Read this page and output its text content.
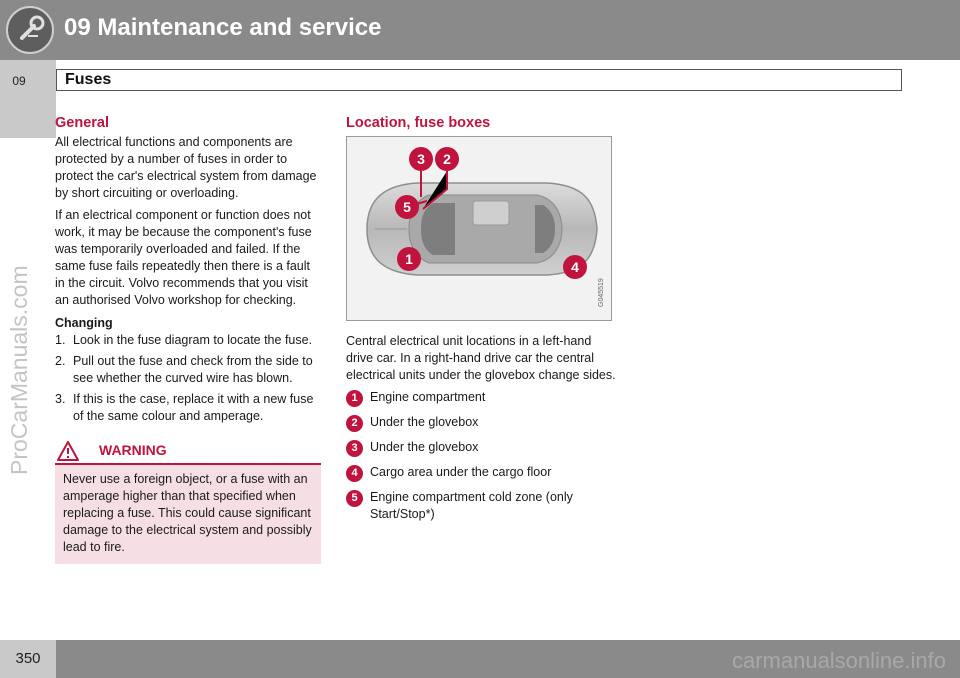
09 Maintenance and service
09	Fuses
ProCarManuals.com
General

All electrical functions and components are protected by a number of fuses in order to protect the car's electrical system from damage by short circuiting or overloading.

If an electrical component or function does not work, it may be because the component's fuse was temporarily overloaded and failed. If the same fuse fails repeatedly then there is a fault in the circuit. Volvo recommends that you visit an authorised Volvo workshop for checking.

Changing
1. Look in the fuse diagram to locate the fuse.
2. Pull out the fuse and check from the side to see whether the curved wire has blown.
3. If this is the case, replace it with a new fuse of the same colour and amperage.
WARNING
Never use a foreign object, or a fuse with an amperage higher than that specified when replacing a fuse. This could cause significant damage to the electrical system and possibly lead to fire.
Location, fuse boxes
3 2
5
1	4
G045519

Central electrical unit locations in a left-hand drive car. In a right-hand drive car the central electrical units under the glovebox change sides.

1 Engine compartment
2 Under the glovebox
3 Under the glovebox
4 Cargo area under the cargo floor
5 Engine compartment cold zone (only Start/Stop*)
350	carmanualsonline.info
